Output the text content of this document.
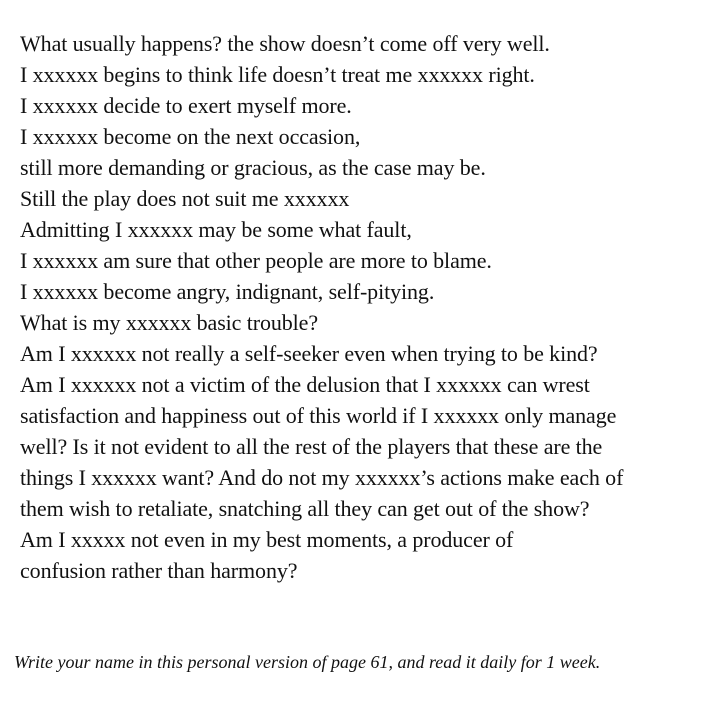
What usually happens? the show doesn’t come off very well.
I xxxxxx begins to think life doesn’t treat me xxxxxx right.
I xxxxxx decide to exert myself more.
I xxxxxx become on the next occasion,
still more demanding or gracious, as the case may be.
Still the play does not suit me xxxxxx
Admitting I xxxxxx may be some what fault,
I xxxxxx am sure that other people are more to blame.
I xxxxxx become angry, indignant, self-pitying.
What is my xxxxxx basic trouble?
Am I xxxxxx not really a self-seeker even when trying to be kind?
Am I xxxxxx not a victim of the delusion that I xxxxxx can wrest
satisfaction and happiness out of this world if I xxxxxx only manage
well? Is it not evident to all the rest of the players that these are the
things I xxxxxx want? And do not my xxxxxx’s actions make each of
them wish to retaliate, snatching all they can get out of the show?
Am I xxxxx not even in my best moments, a producer of
confusion rather than harmony?

Write your name in this personal version of page 61, and read it daily for 1 week.
